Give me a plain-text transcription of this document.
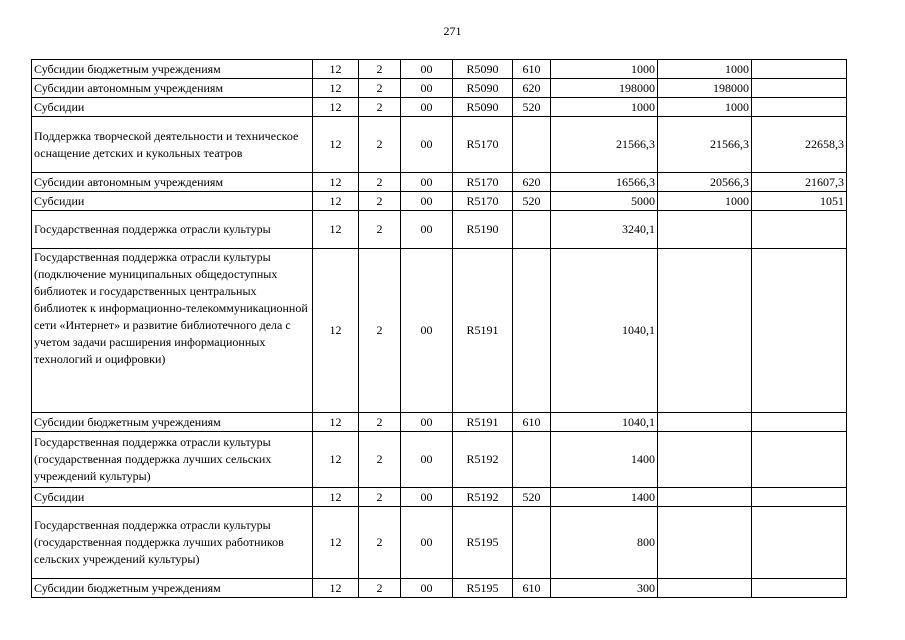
271
Субсидии бюджетным учреждениям	12	2	00	R5090	610	1000	1000	
Субсидии автономным учреждениям	12	2	00	R5090	620	198000	198000	
Субсидии	12	2	00	R5090	520	1000	1000	
Поддержка творческой деятельности и техническое оснащение детских и кукольных театров	12	2	00	R5170		21566,3	21566,3	22658,3
Субсидии автономным учреждениям	12	2	00	R5170	620	16566,3	20566,3	21607,3
Субсидии	12	2	00	R5170	520	5000	1000	1051
Государственная поддержка отрасли культуры	12	2	00	R5190		3240,1		
Государственная поддержка отрасли культуры (подключение муниципальных общедоступных библиотек и государственных центральных библиотек к информационно-телекоммуникационной сети «Интернет» и развитие библиотечного дела с учетом задачи расширения информационных технологий и оцифровки)	12	2	00	R5191		1040,1		
Субсидии бюджетным учреждениям	12	2	00	R5191	610	1040,1		
Государственная поддержка отрасли культуры (государственная поддержка лучших сельских учреждений культуры)	12	2	00	R5192		1400		
Субсидии	12	2	00	R5192	520	1400		
Государственная поддержка отрасли культуры (государственная поддержка лучших работников сельских учреждений культуры)	12	2	00	R5195		800		
Субсидии бюджетным учреждениям	12	2	00	R5195	610	300		
